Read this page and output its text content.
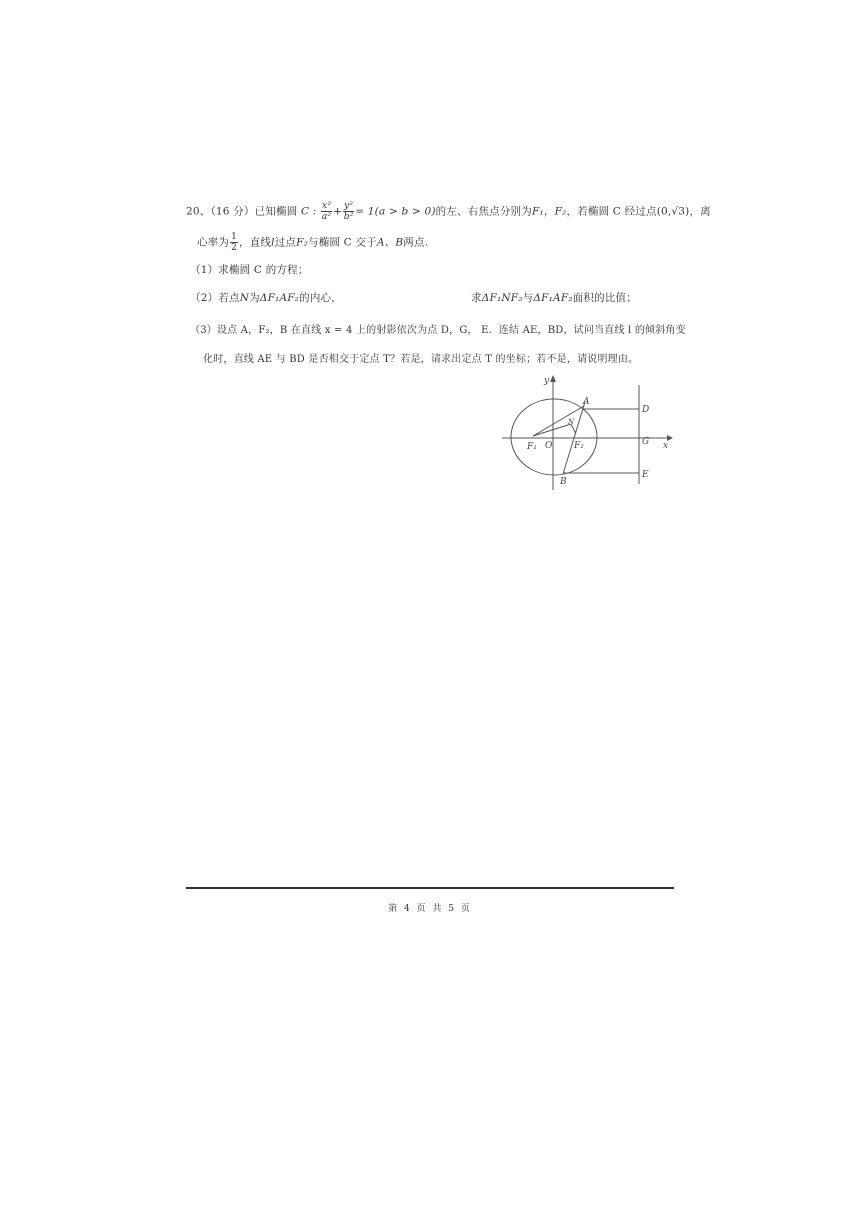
20、（16 分）已知椭圆 C : $\frac{\text{x²}}{\text{a²}} + \frac{\text{y²}}{\text{b²}} = 1(a > b > 0)$的左、右焦点分别为F₁，F₂，若椭圆 C 经过点(0,√3)，离
心率为 $\frac{1}{2}$ ，直线l过点F₂与椭圆 C 交于A、B两点.
（1）求椭圆 C 的方程；
（2）若点N为ΔF₁AF₂的内心，	求ΔF₁NF₂与ΔF₁AF₂面积的比值；
（3）设点 A，F₂，B 在直线 x = 4 上的射影依次为点 D，G， E．连结 AE，BD，试问当直线 l 的倾斜角变
化时，直线 AE 与 BD 是否相交于定点 T？若是，请求出定点 T 的坐标；若不是，请说明理由。
y
x
A
D
G
E
B
F₁ O F₂
N
第 4 页 共 5 页
